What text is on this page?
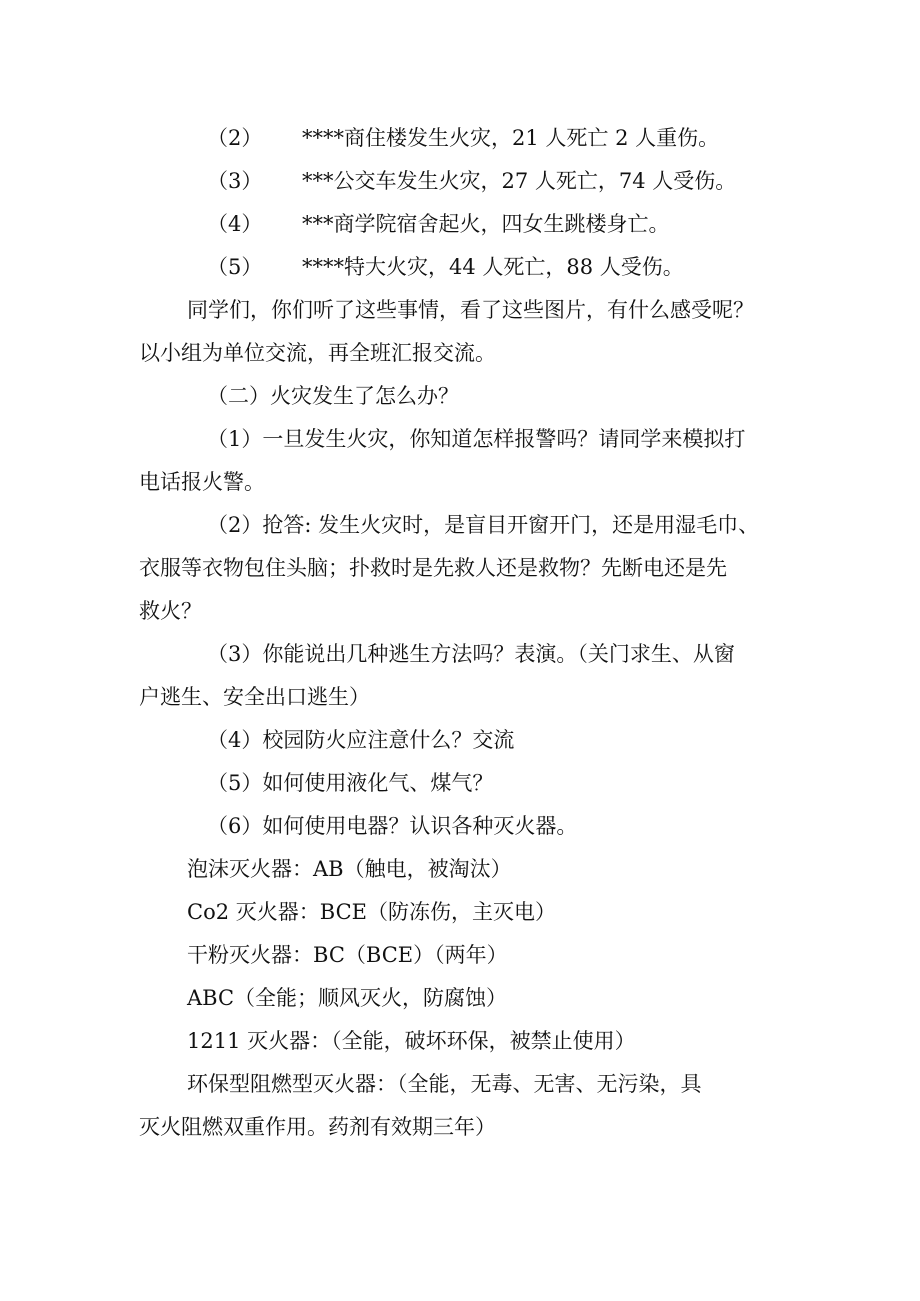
（2） ****商住楼发生火灾，21 人死亡 2 人重伤。
（3） ***公交车发生火灾，27 人死亡，74 人受伤。
（4） ***商学院宿舍起火，四女生跳楼身亡。
（5） ****特大火灾，44 人死亡，88 人受伤。
同学们，你们听了这些事情，看了这些图片，有什么感受呢？
以小组为单位交流，再全班汇报交流。
（二）火灾发生了怎么办？
（1）一旦发生火灾，你知道怎样报警吗？请同学来模拟打
电话报火警。
（2）抢答: 发生火灾时，是盲目开窗开门，还是用湿毛巾、
衣服等衣物包住头脑；扑救时是先救人还是救物？先断电还是先
救火？
（3）你能说出几种逃生方法吗？表演。（关门求生、从窗
户逃生、安全出口逃生）
（4）校园防火应注意什么？交流
（5）如何使用液化气、煤气？
（6）如何使用电器？认识各种灭火器。
泡沫灭火器：AB（触电，被淘汰）
Co2 灭火器：BCE（防冻伤，主灭电）
干粉灭火器：BC（BCE）（两年）
ABC（全能；顺风灭火，防腐蚀）
1211 灭火器：（全能，破坏环保，被禁止使用）
环保型阻燃型灭火器：（全能，无毒、无害、无污染，具
灭火阻燃双重作用。药剂有效期三年）
